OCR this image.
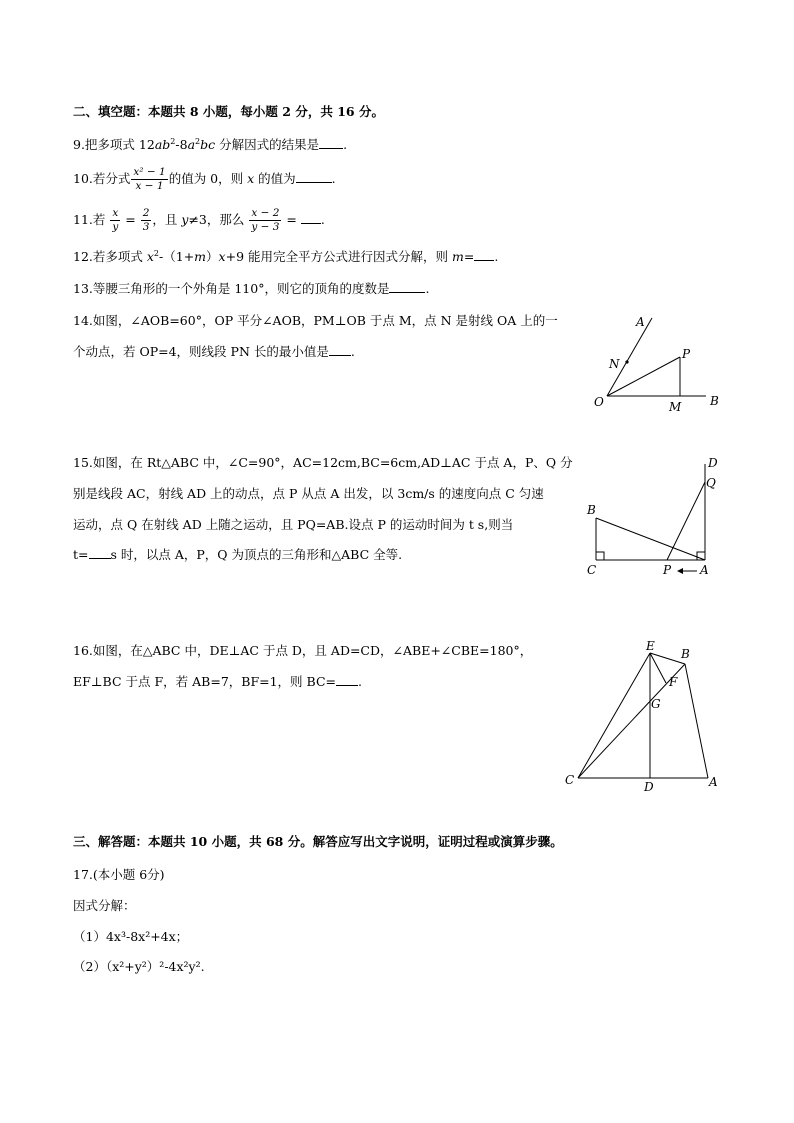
二、填空题：本题共 8 小题，每小题 2 分，共 16 分。
9.把多项式 $12ab^2-8a^2bc$ 分解因式的结果是 .
10.若分式 $\frac{\text{x² − 1}}{x - 1}$ 的值为 0，则 x 的值为	.
11.若 $\frac{x}{y} = \frac{2}{3}$ ，且 y≠3，那么 $\frac{x - 2}{y - 3}$ = .
12.若多项式 $x^2-(1+m)x+9$ 能用完全平方公式进行因式分解，则 m= .
13.等腰三角形的一个外角是 110°，则它的顶角的度数是	.
14.如图，∠AOB=60°，OP 平分∠AOB，PM⊥OB 于点 M，点 N 是射线 OA 上的一
个动点，若 OP=4，则线段 PN 长的最小值是 .
A
N
P
O	M B
15.如图，在 Rt△ABC 中，∠C=90°，AC=12cm,BC=6cm,AD⊥AC 于点 A，P、Q 分
别是线段 AC，射线 AD 上的动点，点 P 从点 A 出发，以 3cm/s 的速度向点 C 匀速
运动，点 Q 在射线 AD 上随之运动，且 PQ=AB.设点 P 的运动时间为 t s,则当
t= s 时，以点 A，P，Q 为顶点的三角形和△ABC 全等.
D
Q
B
C	P A
16.如图，在△ABC 中，DE⊥AC 于点 D，且 AD=CD，∠ABE+∠CBE=180°，
EF⊥BC 于点 F，若 AB=7，BF=1，则 BC= .
E
B
F
G
C	D	A
三、解答题：本题共 10 小题，共 68 分。解答应写出文字说明，证明过程或演算步骤。
17.(本小题 6分)
因式分解：
（1）4x³-8x²+4x；
（2）（x²+y²）²-4x²y².
